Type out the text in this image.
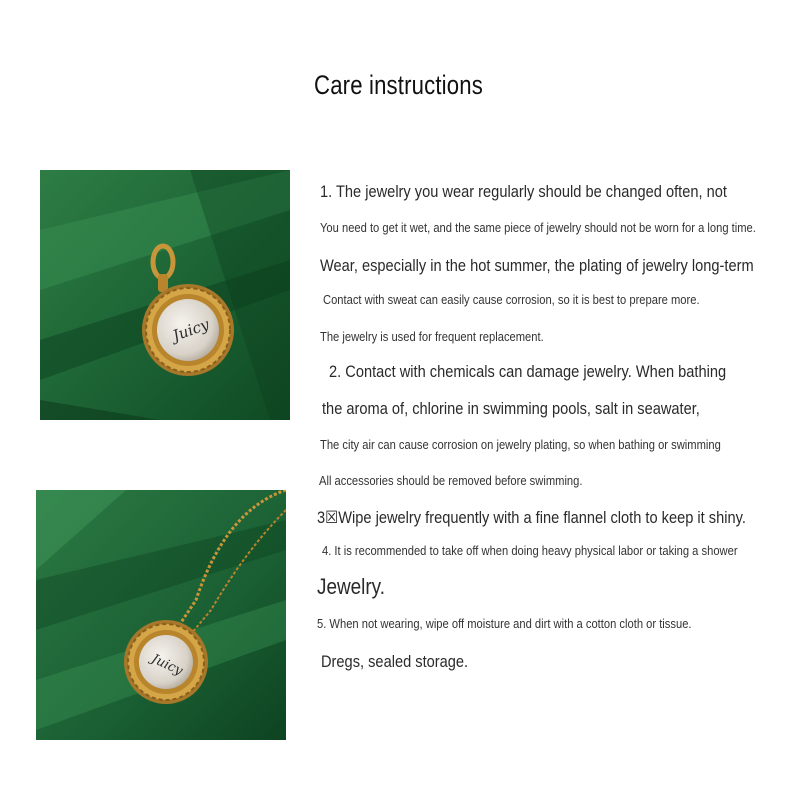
Care instructions
Juicy
Juicy
1. The jewelry you wear regularly should be changed often, not
You need to get it wet, and the same piece of jewelry should not be worn for a long time.
Wear, especially in the hot summer, the plating of jewelry long-term
Contact with sweat can easily cause corrosion, so it is best to prepare more.
The jewelry is used for frequent replacement.
2. Contact with chemicals can damage jewelry. When bathing
the aroma of, chlorine in swimming pools, salt in seawater,
The city air can cause corrosion on jewelry plating, so when bathing or swimming
All accessories should be removed before swimming.
3☒Wipe jewelry frequently with a fine flannel cloth to keep it shiny.
4. It is recommended to take off when doing heavy physical labor or taking a shower
Jewelry.
5. When not wearing, wipe off moisture and dirt with a cotton cloth or tissue.
Dregs, sealed storage.
